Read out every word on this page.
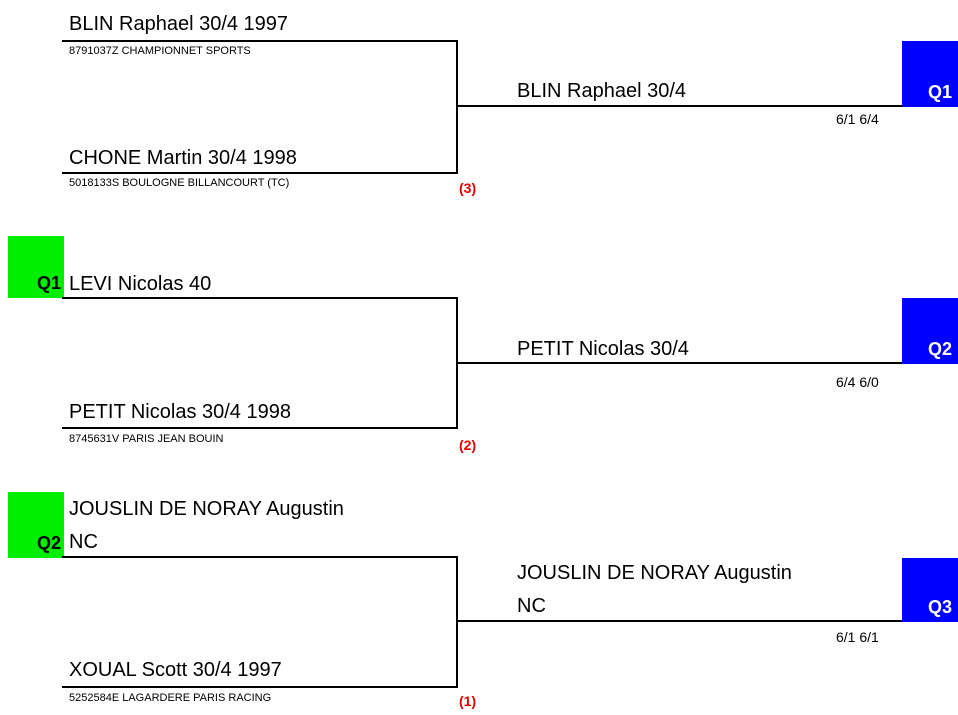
BLIN Raphael 30/4 1997
8791037Z CHAMPIONNET SPORTS
BLIN Raphael 30/4
6/1 6/4
Q1
CHONE Martin 30/4 1998
5018133S BOULOGNE BILLANCOURT (TC)	(3)
Q1 LEVI Nicolas 40
PETIT Nicolas 30/4
6/4 6/0
Q2
PETIT Nicolas 30/4 1998
8745631V PARIS JEAN BOUIN	(2)
Q2
JOUSLIN DE NORAY Augustin
NC
JOUSLIN DE NORAY Augustin
NC
6/1 6/1
Q3
XOUAL Scott 30/4 1997
5252584E LAGARDERE PARIS RACING	(1)
